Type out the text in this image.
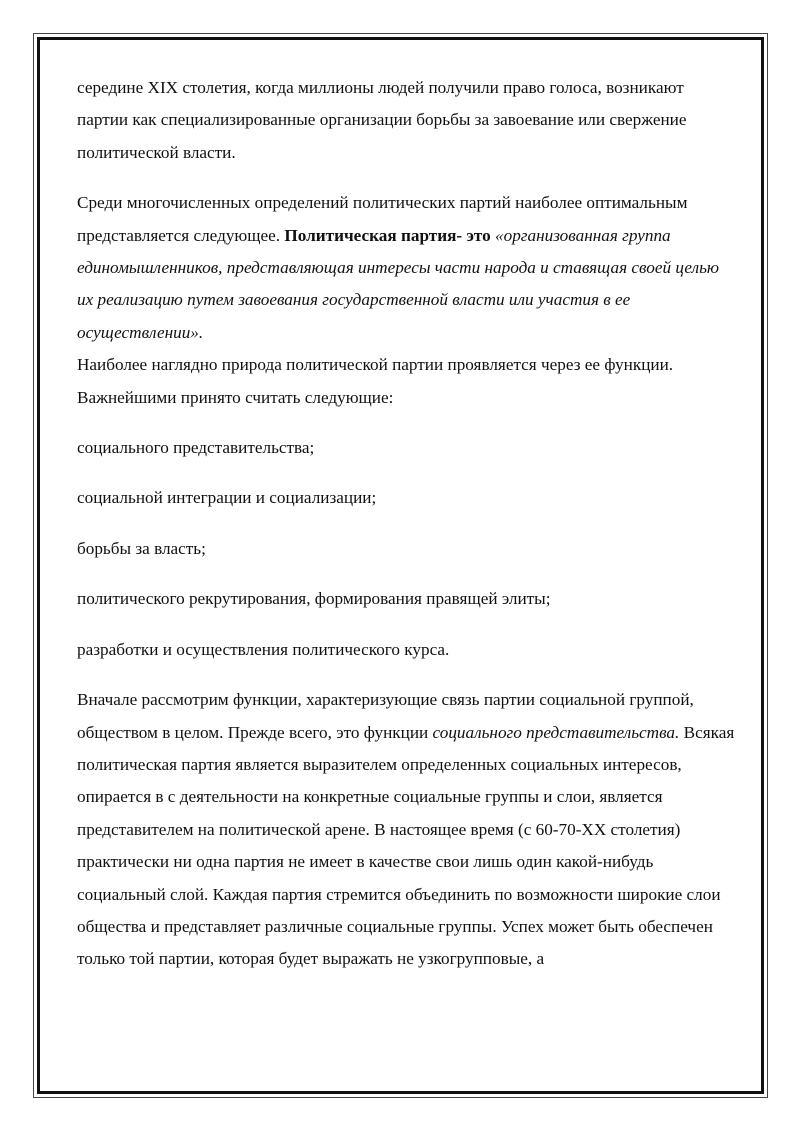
середине XIX столетия, когда миллионы людей получили право голоса, возникают партии как специализированные организации борьбы за завоевание или свержение политической власти.

Среди многочисленных определений политических партий наиболее оптимальным представляется следующее. Политическая партия- это «организованная группа единомышленников, представляющая интересы части народа и ставящая своей целью их реализацию путем завоевания государственной власти или участия в ее осуществлении».

Наиболее наглядно природа политической партии проявляется через ее функции. Важнейшими принято считать следующие:

социального представительства;

социальной интеграции и социализации;

борьбы за власть;

политического рекрутирования, формирования правящей элиты;

разработки и осуществления политического курса.

Вначале рассмотрим функции, характеризующие связь партии социальной группой, обществом в целом. Прежде всего, это функции социального представительства. Всякая политическая партия является выразителем определенных социальных интересов, опирается в с деятельности на конкретные социальные группы и слои, является представителем на политической арене. В настоящее время (с 60-70-XX столетия) практически ни одна партия не имеет в качестве свои лишь один какой-нибудь социальный слой. Каждая партия стремится объединить по возможности широкие слои общества и представляет различные социальные группы. Успех может быть обеспечен только той партии, которая будет выражать не узкогрупповые, а
